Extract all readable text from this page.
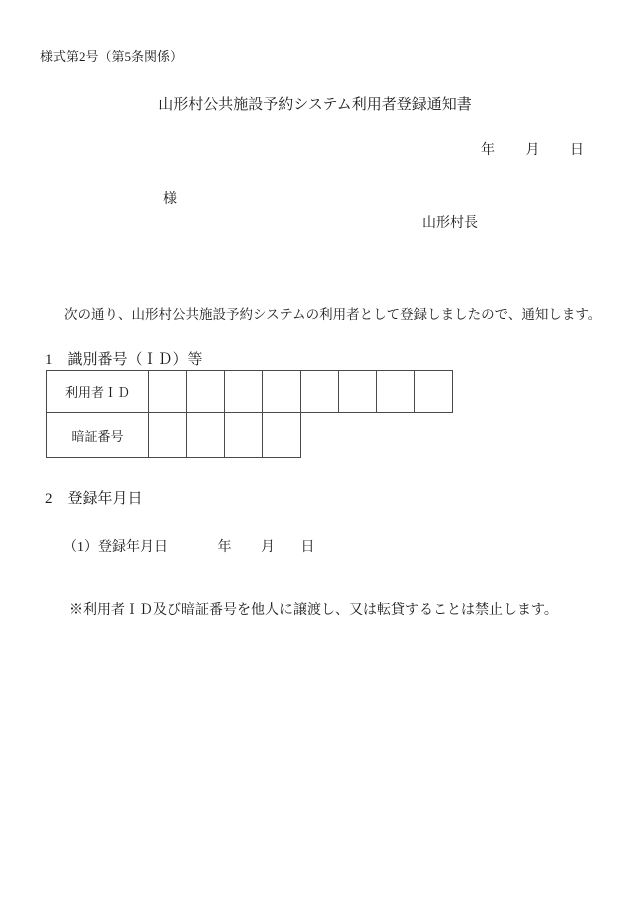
様式第2号（第5条関係）
山形村公共施設予約システム利用者登録通知書
年 月 日
様
山形村長
次の通り、山形村公共施設予約システムの利用者として登録しましたので、通知します。
1　識別番号（ＩＤ）等
利用者ＩＤ								
暗証番号								
2　登録年月日
（1）登録年月日	年 月 日
※利用者ＩＤ及び暗証番号を他人に譲渡し、又は転貸することは禁止します。
